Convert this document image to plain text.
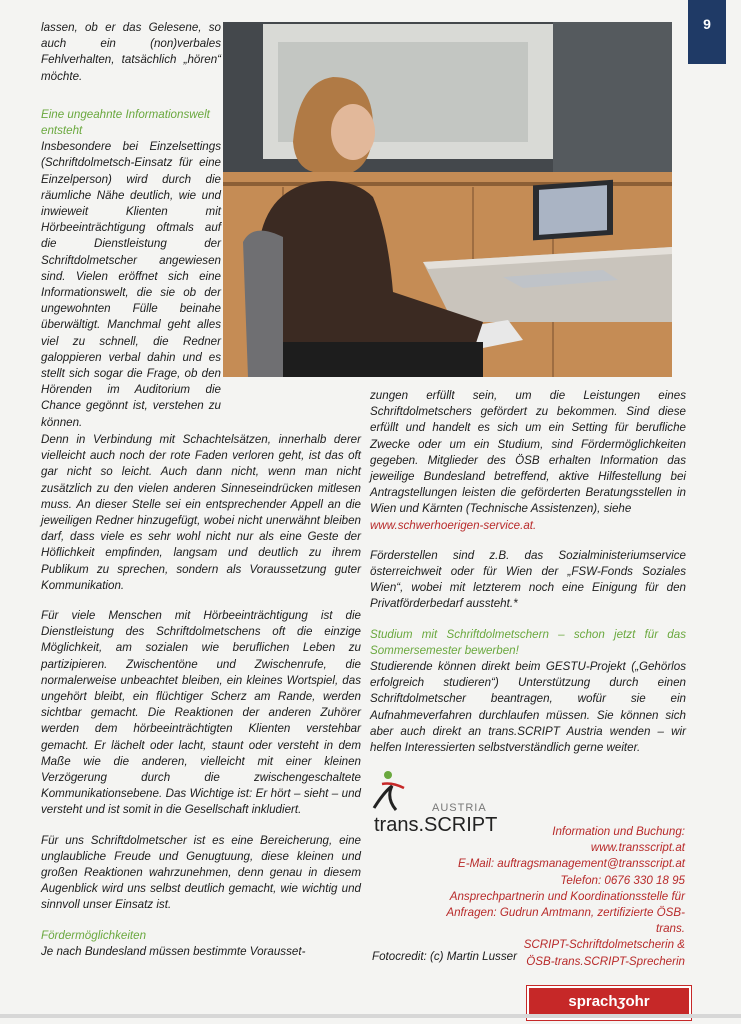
9

lassen, ob er das Gelesene, so auch ein (non)verbales Fehlverhalten, tatsächlich „hören“ möchte.

Eine ungeahnte Informationswelt entsteht

Insbesondere bei Einzelsettings (Schriftdolmetsch-Einsatz für eine Einzelperson) wird durch die räumliche Nähe deutlich, wie und inwieweit Klienten mit Hörbeeinträchtigung oftmals auf die Dienstleistung der Schriftdolmetscher angewiesen sind. Vielen eröffnet sich eine Informationswelt, die sie ob der ungewohnten Fülle beinahe überwältigt. Manchmal geht alles viel zu schnell, die Redner galoppieren verbal dahin und es stellt sich sogar die Frage, ob den Hörenden im Auditorium die Chance gegönnt ist, verstehen zu können.

Denn in Verbindung mit Schachtelsätzen, innerhalb derer vielleicht auch noch der rote Faden verloren geht, ist das oft gar nicht so leicht. Auch dann nicht, wenn man nicht zusätzlich zu den vielen anderen Sinneseindrücken mitlesen muss. An dieser Stelle sei ein entsprechender Appell an die jeweiligen Redner hinzugefügt, wobei nicht unerwähnt bleiben darf, dass viele es sehr wohl nicht nur als eine Geste der Höflichkeit empfinden, langsam und deutlich zu ihrem Publikum zu sprechen, sondern als Voraussetzung guter Kommunikation.

Für viele Menschen mit Hörbeeinträchtigung ist die Dienstleistung des Schriftdolmetschens oft die einzige Möglichkeit, am sozialen wie beruflichen Leben zu partizipieren. Zwischentöne und Zwischenrufe, die normalerweise unbeachtet bleiben, ein kleines Wortspiel, das ungehört bleibt, ein flüchtiger Scherz am Rande, werden sichtbar gemacht. Die Reaktionen der anderen Zuhörer werden dem hörbeeinträchtigten Klienten verstehbar gemacht. Er lächelt oder lacht, staunt oder versteht in dem Maße wie die anderen, vielleicht mit einer kleinen Verzögerung durch die zwischengeschaltete Kommunikationsebene. Das Wichtige ist: Er hört – sieht – und versteht und ist somit in die Gesellschaft inkludiert.

Für uns Schriftdolmetscher ist es eine Bereicherung, eine unglaubliche Freude und Genugtuung, diese kleinen und großen Reaktionen wahrzunehmen, denn genau in diesem Augenblick wird uns selbst deutlich gemacht, wie wichtig und sinnvoll unser Einsatz ist.

Fördermöglichkeiten

Je nach Bundesland müssen bestimmte Vorausset-

zungen erfüllt sein, um die Leistungen eines Schriftdolmetschers gefördert zu bekommen. Sind diese erfüllt und handelt es sich um ein Setting für berufliche Zwecke oder um ein Studium, sind Fördermöglichkeiten gegeben. Mitglieder des ÖSB erhalten Information das jeweilige Bundesland betreffend, aktive Hilfestellung bei Antragstellungen leisten die geförderten Beratungsstellen in Wien und Kärnten (Technische Assistenzen), siehe
www.schwerhoerigen-service.at.

Förderstellen sind z.B. das Sozialministeriumservice österreichweit oder für Wien der „FSW-Fonds Soziales Wien“, wobei mit letzterem noch eine Einigung für den Privatförderbedarf aussteht.*

Studium mit Schriftdolmetschern – schon jetzt für das Sommersemester bewerben!

Studierende können direkt beim GESTU-Projekt („Gehörlos erfolgreich studieren“) Unterstützung durch einen Schriftdolmetscher beantragen, wofür sie ein Aufnahmeverfahren durchlaufen müssen. Sie können sich aber auch direkt an trans.SCRIPT Austria wenden – wir helfen Interessierten selbstverständlich gerne weiter.

AUSTRIA
trans.SCRIPT	Information und Buchung:
www.transscript.at
E-Mail: auftragsmanagement@transscript.at
Telefon: 0676 330 18 95
Ansprechpartnerin und Koordinationsstelle für
Anfragen: Gudrun Amtmann, zertifizierte ÖSB-trans.
SCRIPT-Schriftdolmetscherin &
ÖSB-trans.SCRIPT-Sprecherin
Fotocredit: (c) Martin Lusser
sprachʒohr
